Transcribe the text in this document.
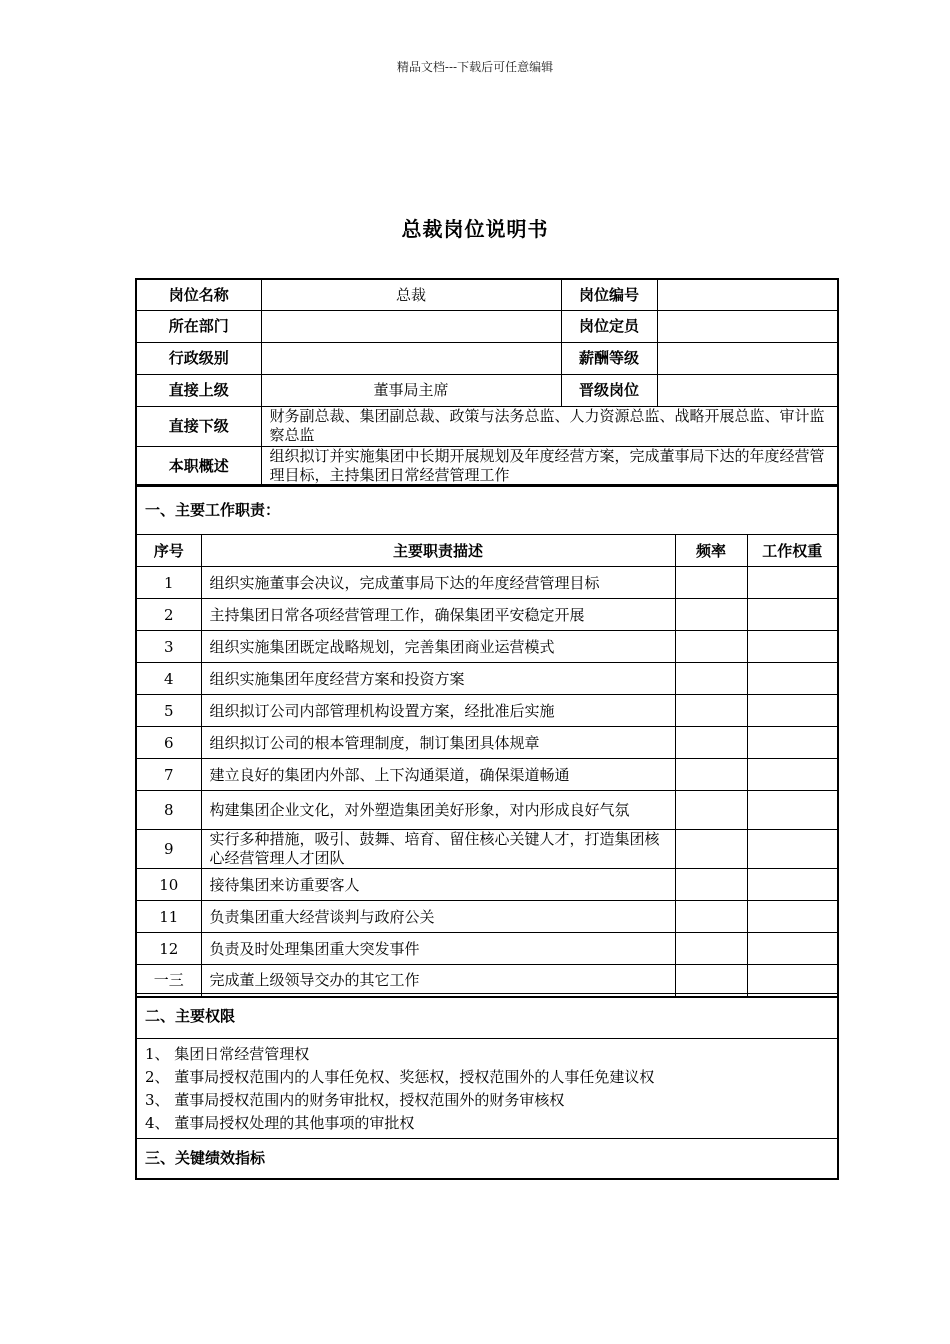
精品文档---下载后可任意编辑
总裁岗位说明书
岗位名称	总裁	岗位编号	
所在部门		岗位定员	
行政级别		薪酬等级	
直接上级	董事局主席	晋级岗位	
直接下级	财务副总裁、集团副总裁、政策与法务总监、人力资源总监、战略开展总监、审计监察总监		
本职概述	组织拟订并实施集团中长期开展规划及年度经营方案，完成董事局下达的年度经营管理目标，主持集团日常经营管理工作		
一、主要工作职责：			
序号	主要职责描述	频率	工作权重
1	组织实施董事会决议，完成董事局下达的年度经营管理目标		
2	主持集团日常各项经营管理工作，确保集团平安稳定开展		
3	组织实施集团既定战略规划，完善集团商业运营模式		
4	组织实施集团年度经营方案和投资方案		
5	组织拟订公司内部管理机构设置方案，经批准后实施		
6	组织拟订公司的根本管理制度，制订集团具体规章		
7	建立良好的集团内外部、上下沟通渠道，确保渠道畅通		
8	构建集团企业文化，对外塑造集团美好形象，对内形成良好气氛		
9	实行多种措施，吸引、鼓舞、培育、留住核心关键人才，打造集团核心经营管理人才团队		
10	接待集团来访重要客人		
11	负责集团重大经营谈判与政府公关		
12	负责及时处理集团重大突发事件		
一三	完成董上级领导交办的其它工作		
二、主要权限

1、 集团日常经营管理权
2、 董事局授权范围内的人事任免权、奖惩权，授权范围外的人事任免建议权
3、 董事局授权范围内的财务审批权，授权范围外的财务审核权
4、 董事局授权处理的其他事项的审批权

三、关键绩效指标
